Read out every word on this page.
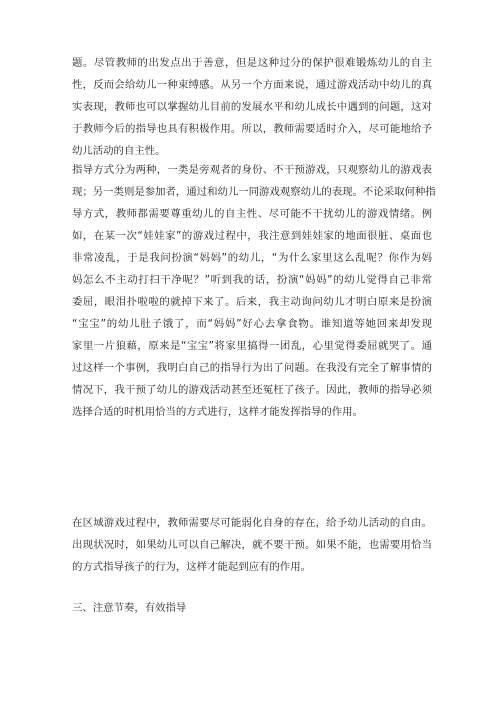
题。尽管教师的出发点出于善意，但是这种过分的保护很难锻炼幼儿的自主
性，反而会给幼儿一种束缚感。从另一个方面来说，通过游戏活动中幼儿的真
实表现，教师也可以掌握幼儿目前的发展水平和幼儿成长中遇到的问题，这对
于教师今后的指导也具有积极作用。所以，教师需要适时介入，尽可能地给予
幼儿活动的自主性。
指导方式分为两种，一类是旁观者的身份、不干预游戏，只观察幼儿的游戏表
现；另一类则是参加者，通过和幼儿一同游戏观察幼儿的表现。不论采取何种指
导方式，教师都需要尊重幼儿的自主性、尽可能不干扰幼儿的游戏情绪。例
如，在某一次“娃娃家”的游戏过程中，我注意到娃娃家的地面很脏、桌面也
非常凌乱，于是我问扮演“妈妈”的幼儿，“为什么家里这么乱呢？你作为妈
妈怎么不主动打扫干净呢？”听到我的话，扮演“妈妈”的幼儿觉得自己非常
委屈，眼泪扑啦啦的就掉下来了。后来，我主动询问幼儿才明白原来是扮演
“宝宝”的幼儿肚子饿了，而“妈妈”好心去拿食物。谁知道等她回来却发现
家里一片狼藉，原来是“宝宝”将家里搞得一团乱，心里觉得委屈就哭了。通
过这样一个事例，我明白自己的指导行为出了问题。在我没有完全了解事情的
情况下，我干预了幼儿的游戏活动甚至还冤枉了孩子。因此，教师的指导必须
选择合适的时机用恰当的方式进行，这样才能发挥指导的作用。
在区域游戏过程中，教师需要尽可能弱化自身的存在，给予幼儿活动的自由。
出现状况时，如果幼儿可以自己解决，就不要干预。如果不能，也需要用恰当
的方式指导孩子的行为，这样才能起到应有的作用。
三、注意节奏，有效指导
